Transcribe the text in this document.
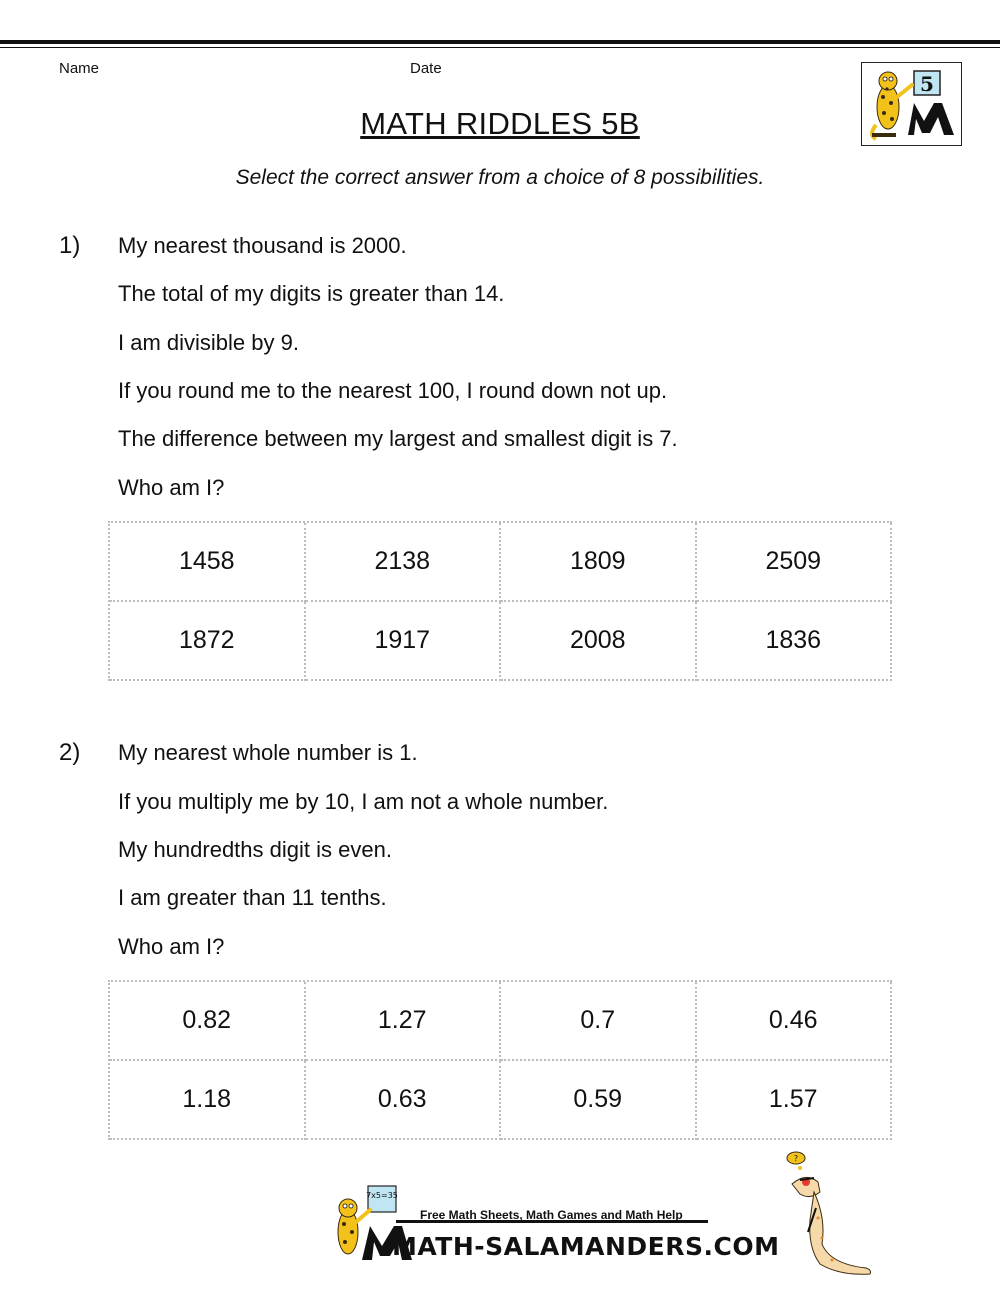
Name	Date
5
MATH RIDDLES 5B
Select the correct answer from a choice of 8 possibilities.
1) My nearest thousand is 2000.
The total of my digits is greater than 14.
I am divisible by 9.
If you round me to the nearest 100, I round down not up.
The difference between my largest and smallest digit is 7.
Who am I?
1458	2138	1809	2509
1872	1917	2008	1836
2) My nearest whole number is 1.
If you multiply me by 10, I am not a whole number.
My hundredths digit is even.
I am greater than 11 tenths.
Who am I?
0.82	1.27	0.7	0.46
1.18	0.63	0.59	1.57
7x5=35
Free Math Sheets, Math Games and Math Help
MATH-SALAMANDERS.COM
?
